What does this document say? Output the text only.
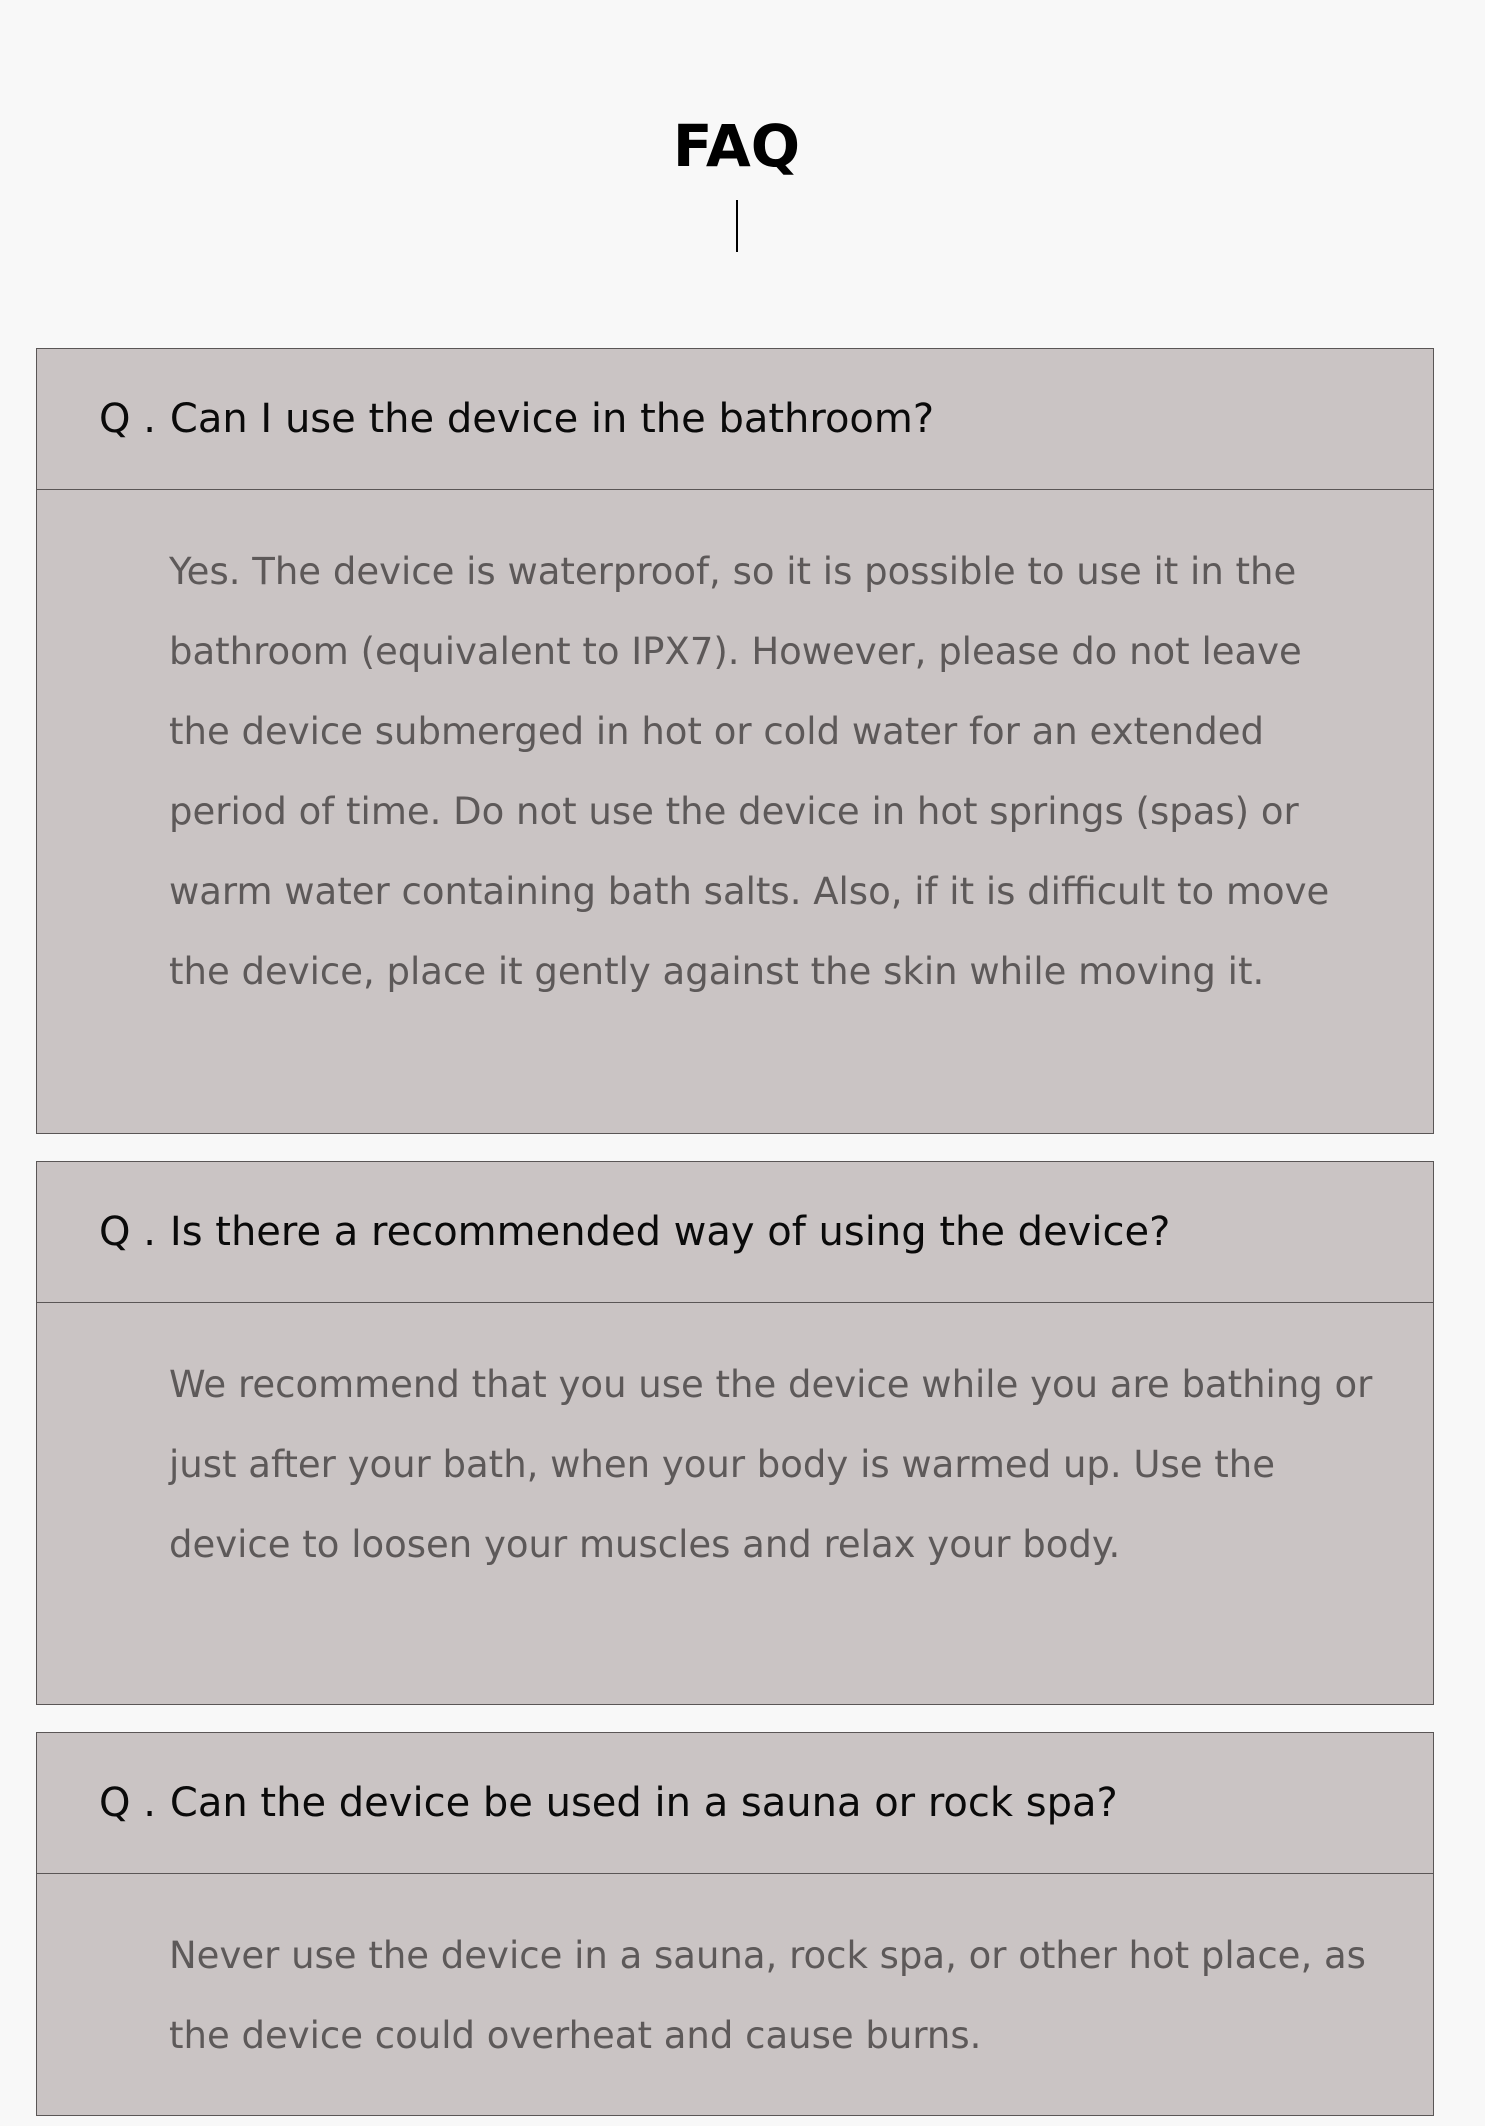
FAQ
Q . Can I use the device in the bathroom?

Yes. The device is waterproof, so it is possible to use it in the bathroom (equivalent to IPX7). However, please do not leave the device submerged in hot or cold water for an extended period of time. Do not use the device in hot springs (spas) or warm water containing bath salts. Also, if it is difficult to move the device, place it gently against the skin while moving it.

Q . Is there a recommended way of using the device?

We recommend that you use the device while you are bathing or just after your bath, when your body is warmed up. Use the device to loosen your muscles and relax your body.

Q . Can the device be used in a sauna or rock spa?

Never use the device in a sauna, rock spa, or other hot place, as the device could overheat and cause burns.
